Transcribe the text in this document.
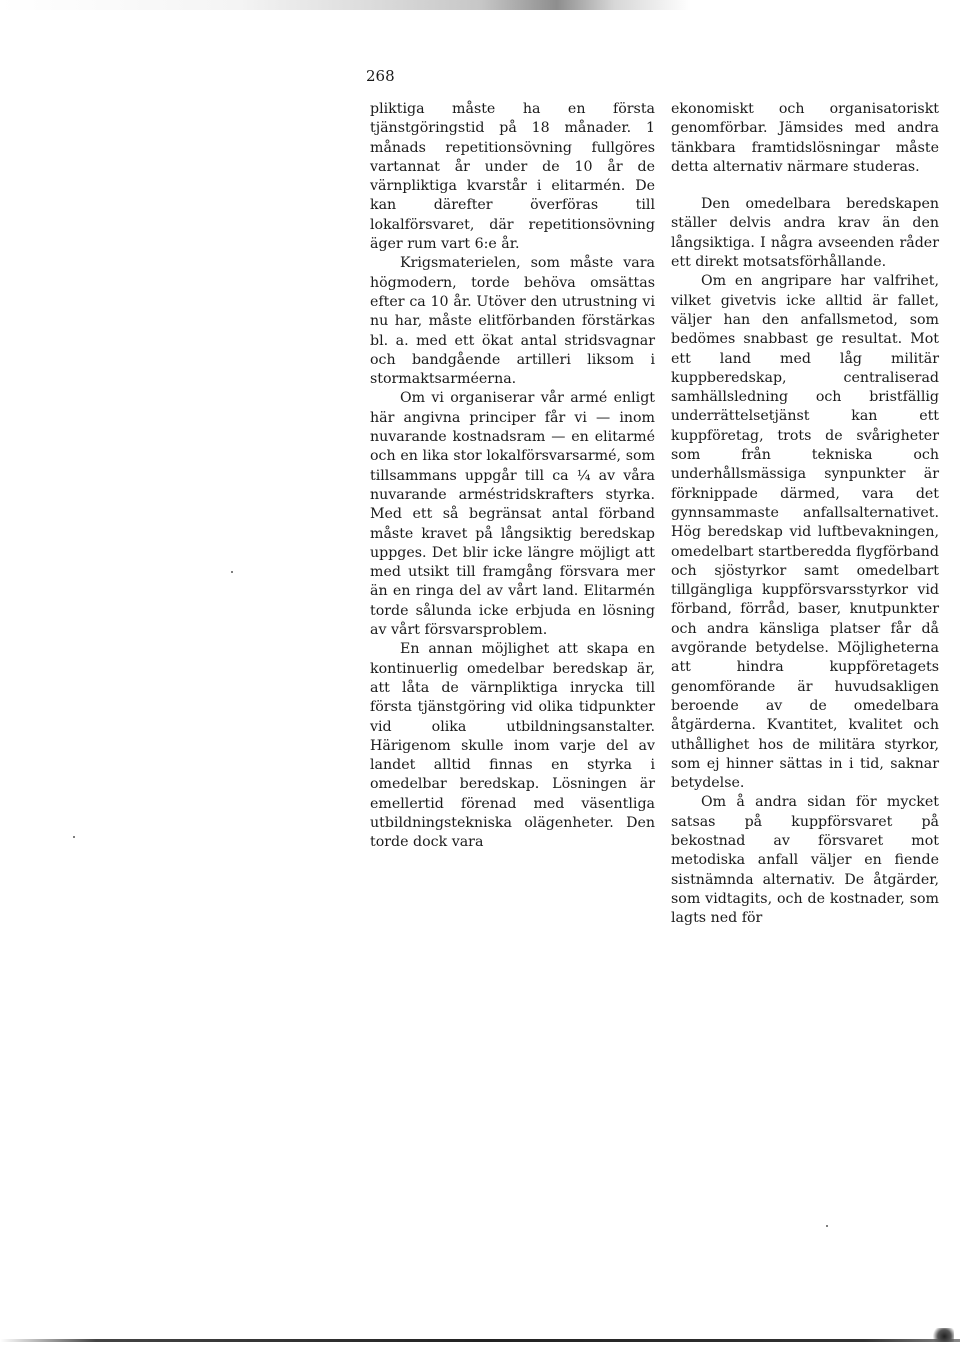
268

pliktiga måste ha en första tjänstgöringstid på 18 månader. 1 månads repetitionsövning fullgöres vartannat år under de 10 år de värnpliktiga kvarstår i elitarmén. De kan därefter överföras till lokalförsvaret, där repetitionsövning äger rum vart 6:e år.

Krigsmaterielen, som måste vara högmodern, torde behöva omsättas efter ca 10 år. Utöver den utrustning vi nu har, måste elitförbanden förstärkas bl. a. med ett ökat antal stridsvagnar och bandgående artilleri liksom i stormaktsarméerna.

Om vi organiserar vår armé enligt här angivna principer får vi — inom nuvarande kostnadsram — en elitarmé och en lika stor lokalförsvarsarmé, som tillsammans uppgår till ca ¼ av våra nuvarande arméstridskrafters styrka. Med ett så begränsat antal förband måste kravet på långsiktig beredskap uppges. Det blir icke längre möjligt att med utsikt till framgång försvara mer än en ringa del av vårt land. Elitarmén torde sålunda icke erbjuda en lösning av vårt försvarsproblem.

En annan möjlighet att skapa en kontinuerlig omedelbar beredskap är, att låta de värnpliktiga inrycka till första tjänstgöring vid olika tidpunkter vid olika utbildningsanstalter. Härigenom skulle inom varje del av landet alltid finnas en styrka i omedelbar beredskap. Lösningen är emellertid förenad med väsentliga utbildningstekniska olägenheter. Den torde dock vara

ekonomiskt och organisatoriskt genomförbar. Jämsides med andra tänkbara framtidslösningar måste detta alternativ närmare studeras.

Den omedelbara beredskapen ställer delvis andra krav än den långsiktiga. I några avseenden råder ett direkt motsatsförhållande.

Om en angripare har valfrihet, vilket givetvis icke alltid är fallet, väljer han den anfallsmetod, som bedömes snabbast ge resultat. Mot ett land med låg militär kuppberedskap, centraliserad samhällsledning och bristfällig underrättelsetjänst kan ett kuppföretag, trots de svårigheter som från tekniska och underhållsmässiga synpunkter är förknippade därmed, vara det gynnsammaste anfallsalternativet. Hög beredskap vid luftbevakningen, omedelbart startberedda flygförband och sjöstyrkor samt omedelbart tillgängliga kuppförsvarsstyrkor vid förband, förråd, baser, knutpunkter och andra känsliga platser får då avgörande betydelse. Möjligheterna att hindra kuppföretagets genomförande är huvudsakligen beroende av de omedelbara åtgärderna. Kvantitet, kvalitet och uthållighet hos de militära styrkor, som ej hinner sättas in i tid, saknar betydelse.

Om å andra sidan för mycket satsas på kuppförsvaret på bekostnad av försvaret mot metodiska anfall väljer en fiende sistnämnda alternativ. De åtgärder, som vidtagits, och de kostnader, som lagts ned för
